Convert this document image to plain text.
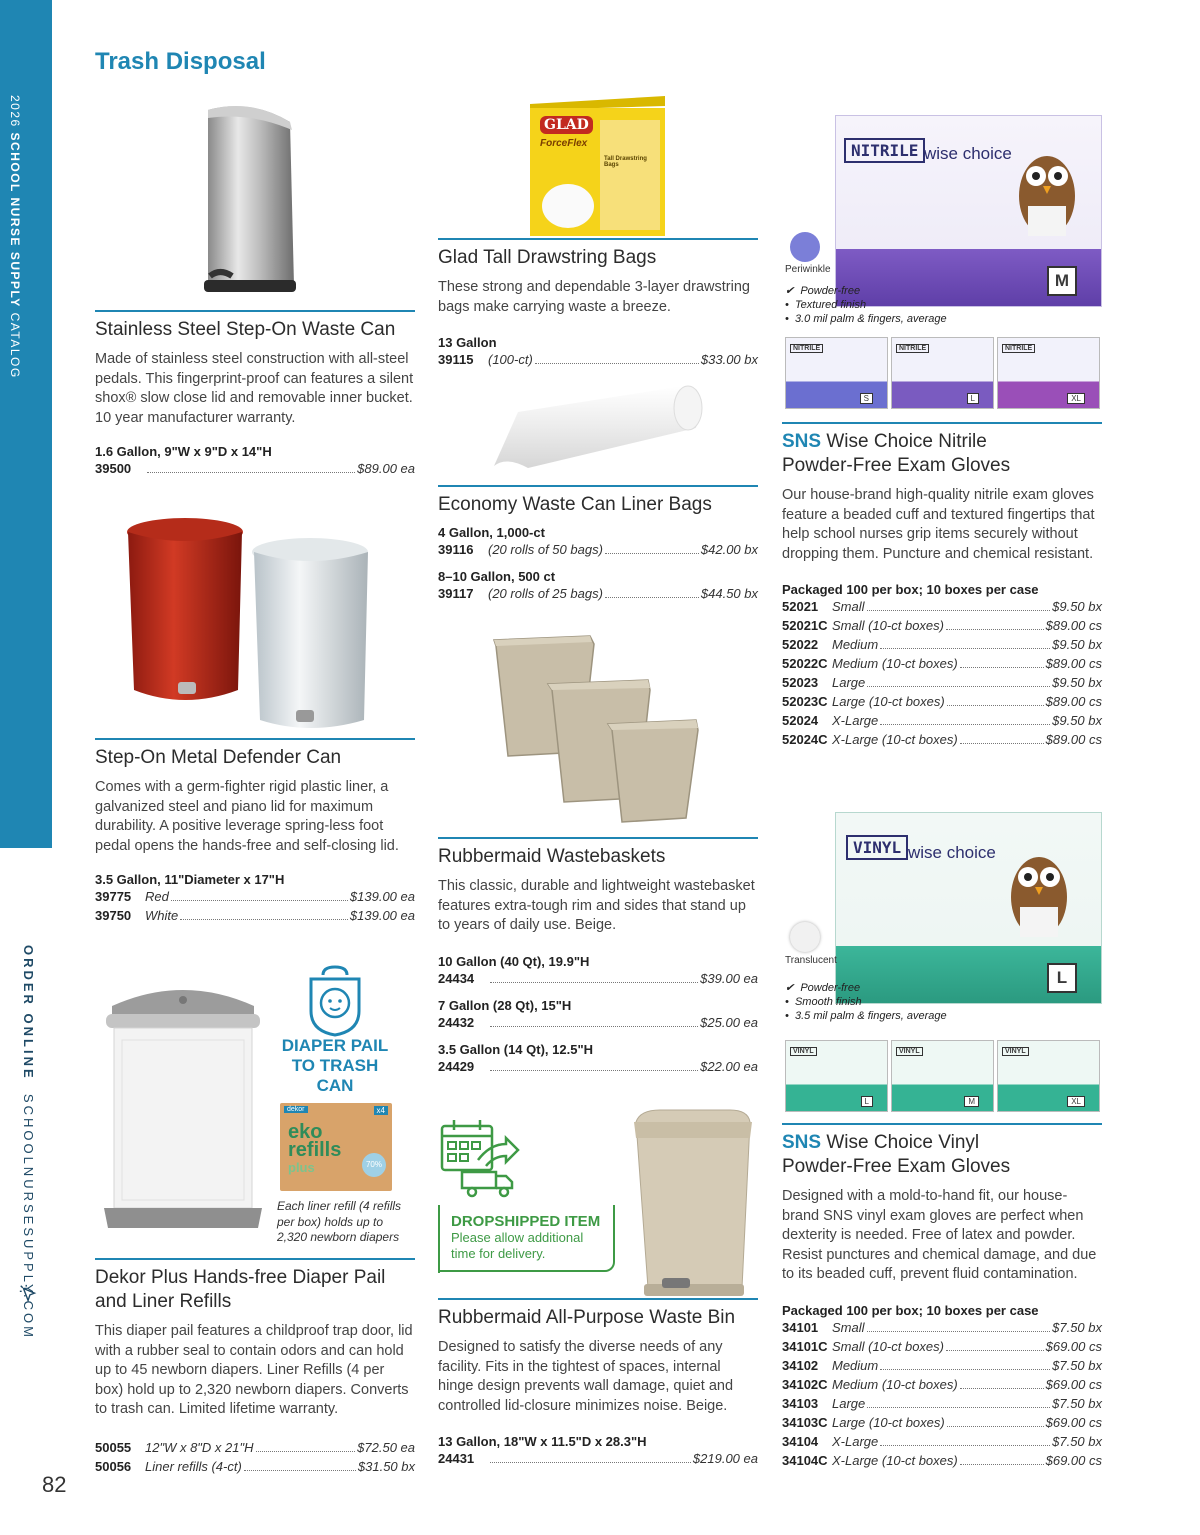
2026 SCHOOL NURSE SUPPLY CATALOG
ORDER ONLINE  SCHOOLNURSESUPPLY.COM
82
Trash Disposal
Stainless Steel Step-On Waste Can
Made of stainless steel construction with all-steel pedals. This fingerprint-proof can features a silent shox® slow close lid and removable inner bucket. 10 year manufacturer warranty.
1.6 Gallon, 9"W x 9"D x 14"H
39500	$89.00 ea
Step-On Metal Defender Can
Comes with a germ-fighter rigid plastic liner, a galvanized steel and piano lid for maximum durability. A positive leverage spring-less foot pedal opens the hands-free and self-closing lid.
3.5 Gallon, 11"Diameter x 17"H
39775	Red	$139.00 ea
39750	White	$139.00 ea
DIAPER PAIL
TO TRASH CAN
dekor	x4
eko
refills
plus	70%
Each liner refill (4 refills per box) holds up to 2,320 newborn diapers
Dekor Plus Hands-free Diaper Pail
and Liner Refills
This diaper pail features a childproof trap door, lid with a rubber seal to contain odors and can hold up to 45 newborn diapers. Liner Refills (4 per box) hold up to 2,320 newborn diapers. Converts to trash can. Limited lifetime warranty.
50055	12"W x 8"D x 21"H	$72.50 ea
50056	Liner refills (4-ct)	$31.50 bx
GLAD
ForceFlex
Tall Drawstring Bags
Glad Tall Drawstring Bags
These strong and dependable 3-layer drawstring bags make carrying waste a breeze.
13 Gallon
39115	(100-ct)	$33.00 bx
Economy Waste Can Liner Bags
4 Gallon, 1,000-ct
39116	(20 rolls of 50 bags)	$42.00 bx
8–10 Gallon, 500 ct
39117	(20 rolls of 25 bags)	$44.50 bx
Rubbermaid Wastebaskets
This classic, durable and lightweight wastebasket features extra-tough rim and sides that stand up to years of daily use. Beige.
10 Gallon (40 Qt), 19.9"H
24434	$39.00 ea
7 Gallon (28 Qt), 15"H
24432	$25.00 ea
3.5 Gallon (14 Qt), 12.5"H
24429	$22.00 ea
DROPSHIPPED ITEM
Please allow additional
time for delivery.
Rubbermaid All-Purpose Waste Bin
Designed to satisfy the diverse needs of any facility. Fits in the tightest of spaces, internal hinge design prevents wall damage, quiet and controlled lid-closure minimizes noise. Beige.
13 Gallon, 18"W x 11.5"D x 28.3"H
24431	$219.00 ea
NITRILE wise choice
M
Periwinkle
✔  Powder-free
•  Textured finish
•  3.0 mil palm & fingers, average
NITRILE
S
NITRILE
L
NITRILE
XL
SNS Wise Choice Nitrile
Powder-Free Exam Gloves
Our house-brand high-quality nitrile exam gloves feature a beaded cuff and textured fingertips that help school nurses grip items securely without dropping them. Puncture and chemical resistant.
Packaged 100 per box; 10 boxes per case
52021	Small	$9.50 bx
52021C Small (10-ct boxes)	$89.00 cs
52022	Medium	$9.50 bx
52022C Medium (10-ct boxes)	$89.00 cs
52023	Large	$9.50 bx
52023C Large (10-ct boxes)	$89.00 cs
52024	X-Large	$9.50 bx
52024C X-Large (10-ct boxes)	$89.00 cs
VINYL wise choice
L
Translucent
✔  Powder-free
•  Smooth finish
•  3.5 mil palm & fingers, average
VINYL
L
VINYL
M
VINYL
XL
SNS Wise Choice Vinyl
Powder-Free Exam Gloves
Designed with a mold-to-hand fit, our house-brand SNS vinyl exam gloves are perfect when dexterity is needed. Free of latex and powder. Resist punctures and chemical damage, and due to its beaded cuff, prevent fluid contamination.
Packaged 100 per box; 10 boxes per case
34101	Small	$7.50 bx
34101C Small (10-ct boxes)	$69.00 cs
34102	Medium	$7.50 bx
34102C Medium (10-ct boxes)	$69.00 cs
34103	Large	$7.50 bx
34103C Large (10-ct boxes)	$69.00 cs
34104	X-Large	$7.50 bx
34104C X-Large (10-ct boxes)	$69.00 cs
